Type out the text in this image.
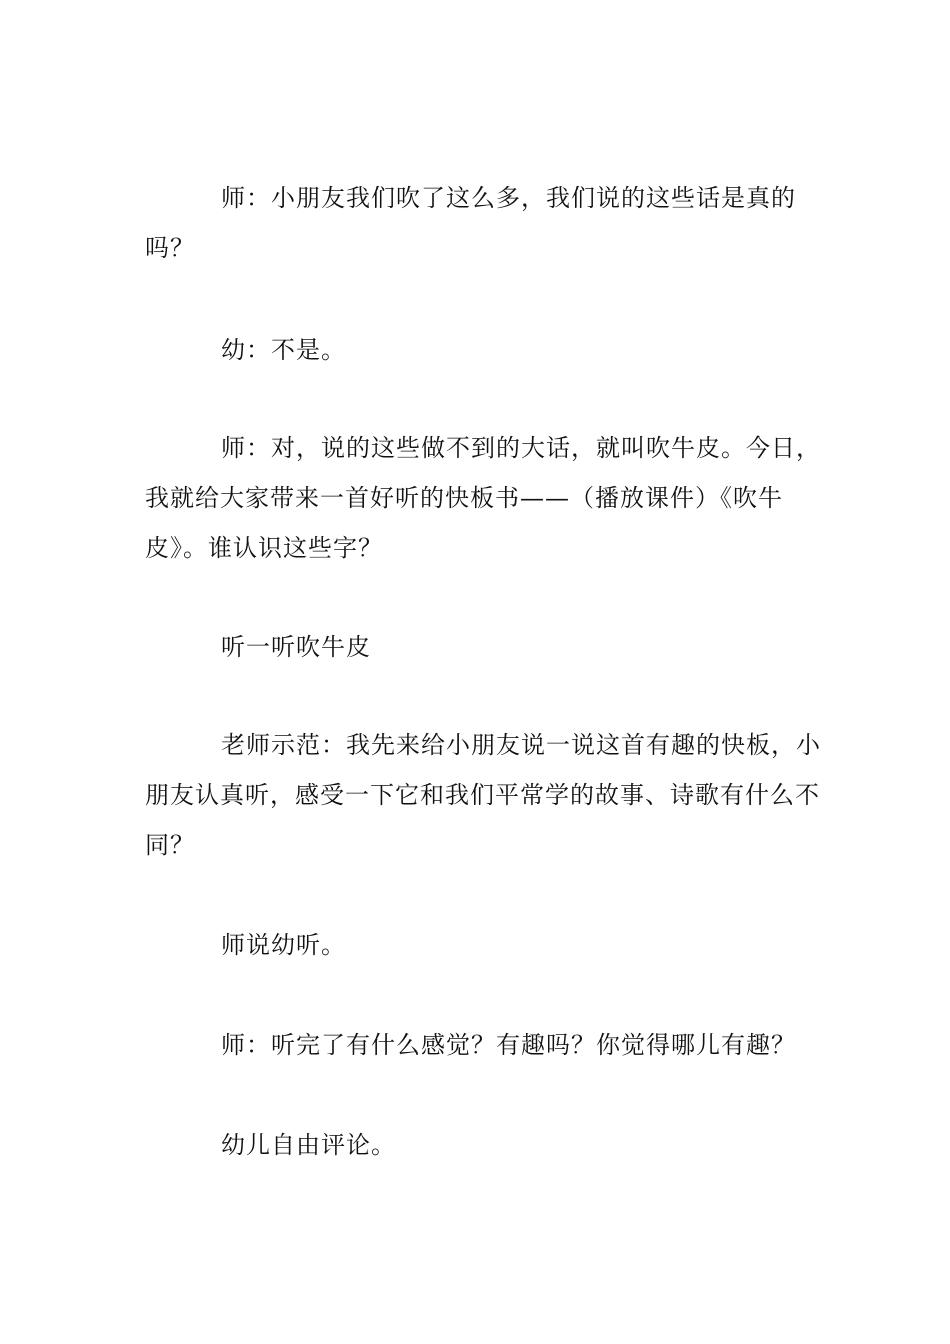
师：小朋友我们吹了这么多，我们说的这些话是真的吗？

幼：不是。

师：对，说的这些做不到的大话，就叫吹牛皮。今日，我就给大家带来一首好听的快板书——（播放课件）《吹牛皮》。谁认识这些字？

听一听吹牛皮

老师示范：我先来给小朋友说一说这首有趣的快板，小朋友认真听，感受一下它和我们平常学的故事、诗歌有什么不同？

师说幼听。

师：听完了有什么感觉？有趣吗？你觉得哪儿有趣？

幼儿自由评论。
